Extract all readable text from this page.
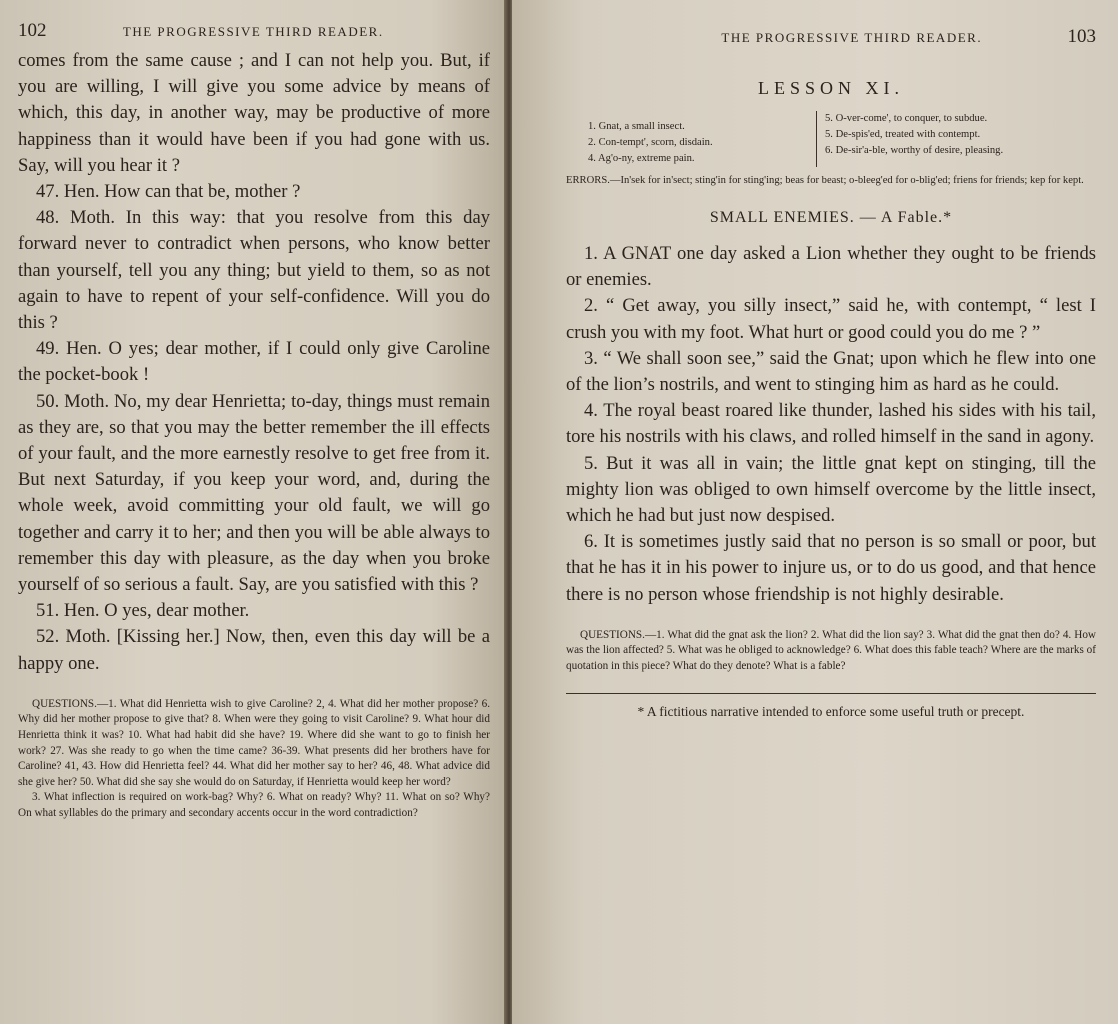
102	THE PROGRESSIVE THIRD READER.

comes from the same cause ; and I can not help you. But, if you are willing, I will give you some advice by means of which, this day, in another way, may be productive of more happiness than it would have been if you had gone with us. Say, will you hear it ?

47. Hen. How can that be, mother ?

48. Moth. In this way: that you resolve from this day forward never to contradict when persons, who know better than yourself, tell you any thing; but yield to them, so as not again to have to repent of your self-confidence. Will you do this ?

49. Hen. O yes; dear mother, if I could only give Caroline the pocket-book !

50. Moth. No, my dear Henrietta; to-day, things must remain as they are, so that you may the better remember the ill effects of your fault, and the more earnestly resolve to get free from it. But next Saturday, if you keep your word, and, during the whole week, avoid committing your old fault, we will go together and carry it to her; and then you will be able always to remember this day with pleasure, as the day when you broke yourself of so serious a fault. Say, are you satisfied with this ?

51. Hen. O yes, dear mother.

52. Moth. [Kissing her.] Now, then, even this day will be a happy one.

QUESTIONS.—1. What did Henrietta wish to give Caroline? 2, 4. What did her mother propose? 6. Why did her mother propose to give that? 8. When were they going to visit Caroline? 9. What hour did Henrietta think it was? 10. What had habit did she have? 19. Where did she want to go to finish her work? 27. Was she ready to go when the time came? 36-39. What presents did her brothers have for Caroline? 41, 43. How did Henrietta feel? 44. What did her mother say to her? 46, 48. What advice did she give her? 50. What did she say she would do on Saturday, if Henrietta would keep her word?

3. What inflection is required on work-bag? Why? 6. What on ready? Why? 11. What on so? Why? On what syllables do the primary and secondary accents occur in the word contradiction?

THE PROGRESSIVE THIRD READER.	103
LESSON XI.
1. Gnat, a small insect.
2. Con-tempt', scorn, disdain.
4. Ag'o-ny, extreme pain.
5. O-ver-come', to conquer, to subdue.
5. De-spis'ed, treated with contempt.
6. De-sir'a-ble, worthy of desire, pleasing.
ERRORS.—In'sek for in'sect; sting'in for sting'ing; beas for beast; o-bleeg'ed for o-blig'ed; friens for friends; kep for kept.
SMALL ENEMIES. — A Fable.*

1. A GNAT one day asked a Lion whether they ought to be friends or enemies.

2. “ Get away, you silly insect,” said he, with contempt, “ lest I crush you with my foot. What hurt or good could you do me ? ”

3. “ We shall soon see,” said the Gnat; upon which he flew into one of the lion’s nostrils, and went to stinging him as hard as he could.

4. The royal beast roared like thunder, lashed his sides with his tail, tore his nostrils with his claws, and rolled himself in the sand in agony.

5. But it was all in vain; the little gnat kept on stinging, till the mighty lion was obliged to own himself overcome by the little insect, which he had but just now despised.

6. It is sometimes justly said that no person is so small or poor, but that he has it in his power to injure us, or to do us good, and that hence there is no person whose friendship is not highly desirable.

QUESTIONS.—1. What did the gnat ask the lion? 2. What did the lion say? 3. What did the gnat then do? 4. How was the lion affected? 5. What was he obliged to acknowledge? 6. What does this fable teach? Where are the marks of quotation in this piece? What do they denote? What is a fable?

* A fictitious narrative intended to enforce some useful truth or precept.
